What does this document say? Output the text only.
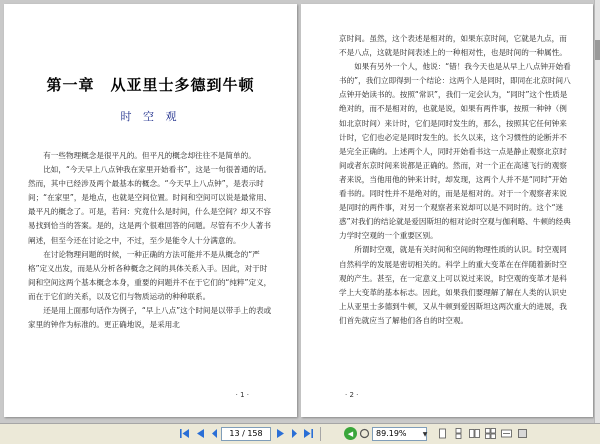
第一章　从亚里士多德到牛顿
时 空 观

有一些物理概念是很平凡的。但平凡的概念却往往不是简单的。

比如，“今天早上八点钟我在家里开始看书”，这是一句很普通的话。然而，其中已经涉及两个最基本的概念。“今天早上八点钟”，是表示时间；“在家里”，是地点，也就是空间位置。时间和空间可以说是最常用、最平凡的概念了。可是，若问：究竟什么是时间，什么是空间？却又不容易找到恰当的答案。是的，这是两个很难回答的问题。尽管有不少人著书阐述，但至今还在讨论之中，不过，至少是能令人十分满意的。

在讨论物理问题的时候，一种正确的方法可能并不是从概念的“严格”定义出发，而是从分析各种概念之间的具体关系入手。因此，对于时间和空间这两个基本概念本身，重要的问题并不在于它们的“纯粹”定义，而在于它们的关系，以及它们与物质运动的种种联系。

还是用上面那句话作为例子，“早上八点”这个时间是以带手上的表或家里的钟作为标准的。更正确地说，是采用北

· 1 ·

京时间。虽然，这个表述是相对的，如果东京时间，它就是九点，而不是八点，这就是时间表述上的一种相对性，也是时间的一种属性。

如果有另外一个人，他说：“错！我今天也是从早上八点钟开始看书的”，我们立即得到一个结论：这两个人是同时，即同在北京时间八点钟开始读书的。按照“常识”，我们一定会认为，“同时”这个性质是绝对的，而不是相对的，也就是说，如果有两件事，按照一种钟（例如北京时间）来计时，它们是同时发生的，那么，按照其它任何钟来计时，它们也必定是同时发生的。长久以来，这个习惯性的论断并不是完全正确的。上述两个人，同时开始看书这一点是静止观察北京时间或者东京时间来说都是正确的。然而，对一个正在高速飞行的观察者来说，当他用他的钟来计时，却发现，这两个人并不是“同时”开始看书的。同时性并不是绝对的，而是是相对的。对于一个观察者来说是同时的两件事，对另一个观察者来说却可以是不同时的。这个“迷惑”对我们的结论就是爱因斯坦的相对论时空观与伽利略、牛顿的经典力学时空观的一个重要区别。

所谓时空观，就是有关时间和空间的物理性质的认识。时空观同自然科学的发展是密切相关的。科学上的重大变革在在伴随着新时空观的产生。甚至，在一定意义上可以说过来说，时空观的变革才是科学上大变革的基本标志。因此，如果我们要理解了解在人类的认识史上从亚里士多德到牛顿，又从牛顿到爱因斯坦这两次重大的进展，我们首先就应当了解他们各自的时空观。

· 2 ·
13 / 158	◀	89.19%	▼
